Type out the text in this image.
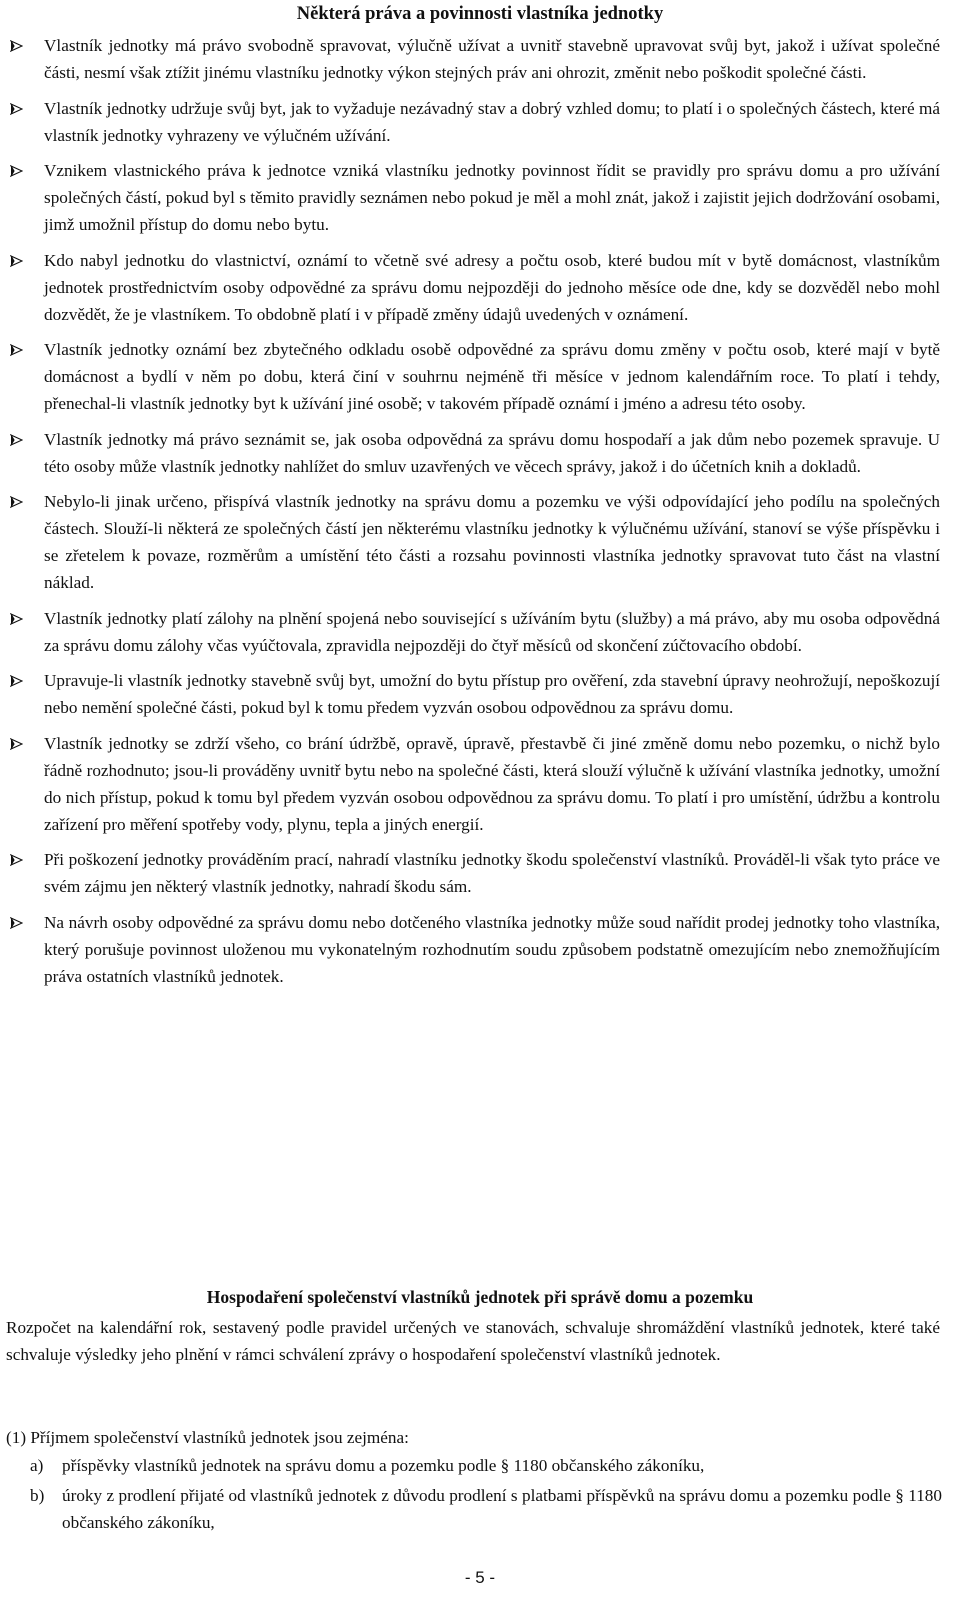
Některá práva a povinnosti vlastníka jednotky
Vlastník jednotky má právo svobodně spravovat, výlučně užívat a uvnitř stavebně upravovat svůj byt, jakož i užívat společné části, nesmí však ztížit jinému vlastníku jednotky výkon stejných práv ani ohrozit, změnit nebo poškodit společné části.
Vlastník jednotky udržuje svůj byt, jak to vyžaduje nezávadný stav a dobrý vzhled domu; to platí i o společných částech, které má vlastník jednotky vyhrazeny ve výlučném užívání.
Vznikem vlastnického práva k jednotce vzniká vlastníku jednotky povinnost řídit se pravidly pro správu domu a pro užívání společných částí, pokud byl s těmito pravidly seznámen nebo pokud je měl a mohl znát, jakož i zajistit jejich dodržování osobami, jimž umožnil přístup do domu nebo bytu.
Kdo nabyl jednotku do vlastnictví, oznámí to včetně své adresy a počtu osob, které budou mít v bytě domácnost, vlastníkům jednotek prostřednictvím osoby odpovědné za správu domu nejpozději do jednoho měsíce ode dne, kdy se dozvěděl nebo mohl dozvědět, že je vlastníkem. To obdobně platí i v případě změny údajů uvedených v oznámení.
Vlastník jednotky oznámí bez zbytečného odkladu osobě odpovědné za správu domu změny v počtu osob, které mají v bytě domácnost a bydlí v něm po dobu, která činí v souhrnu nejméně tři měsíce v jednom kalendářním roce. To platí i tehdy, přenechal-li vlastník jednotky byt k užívání jiné osobě; v takovém případě oznámí i jméno a adresu této osoby.
Vlastník jednotky má právo seznámit se, jak osoba odpovědná za správu domu hospodaří a jak dům nebo pozemek spravuje. U této osoby může vlastník jednotky nahlížet do smluv uzavřených ve věcech správy, jakož i do účetních knih a dokladů.
Nebylo-li jinak určeno, přispívá vlastník jednotky na správu domu a pozemku ve výši odpovídající jeho podílu na společných částech. Slouží-li některá ze společných částí jen některému vlastníku jednotky k výlučnému užívání, stanoví se výše příspěvku i se zřetelem k povaze, rozměrům a umístění této části a rozsahu povinnosti vlastníka jednotky spravovat tuto část na vlastní náklad.
Vlastník jednotky platí zálohy na plnění spojená nebo související s užíváním bytu (služby) a má právo, aby mu osoba odpovědná za správu domu zálohy včas vyúčtovala, zpravidla nejpozději do čtyř měsíců od skončení zúčtovacího období.
Upravuje-li vlastník jednotky stavebně svůj byt, umožní do bytu přístup pro ověření, zda stavební úpravy neohrožují, nepoškozují nebo nemění společné části, pokud byl k tomu předem vyzván osobou odpovědnou za správu domu.
Vlastník jednotky se zdrží všeho, co brání údržbě, opravě, úpravě, přestavbě či jiné změně domu nebo pozemku, o nichž bylo řádně rozhodnuto; jsou-li prováděny uvnitř bytu nebo na společné části, která slouží výlučně k užívání vlastníka jednotky, umožní do nich přístup, pokud k tomu byl předem vyzván osobou odpovědnou za správu domu. To platí i pro umístění, údržbu a kontrolu zařízení pro měření spotřeby vody, plynu, tepla a jiných energií.
Při poškození jednotky prováděním prací, nahradí vlastníku jednotky škodu společenství vlastníků. Prováděl-li však tyto práce ve svém zájmu jen některý vlastník jednotky, nahradí škodu sám.
Na návrh osoby odpovědné za správu domu nebo dotčeného vlastníka jednotky může soud nařídit prodej jednotky toho vlastníka, který porušuje povinnost uloženou mu vykonatelným rozhodnutím soudu způsobem podstatně omezujícím nebo znemožňujícím práva ostatních vlastníků jednotek.
Hospodaření společenství vlastníků jednotek při správě domu a pozemku

Rozpočet na kalendářní rok, sestavený podle pravidel určených ve stanovách, schvaluje shromáždění vlastníků jednotek, které také schvaluje výsledky jeho plnění v rámci schválení zprávy o hospodaření společenství vlastníků jednotek.

(1) Příjmem společenství vlastníků jednotek jsou zejména:

a) příspěvky vlastníků jednotek na správu domu a pozemku podle § 1180 občanského zákoníku,
b) úroky z prodlení přijaté od vlastníků jednotek z důvodu prodlení s platbami příspěvků na správu domu a pozemku podle § 1180 občanského zákoníku,
- 5 -
